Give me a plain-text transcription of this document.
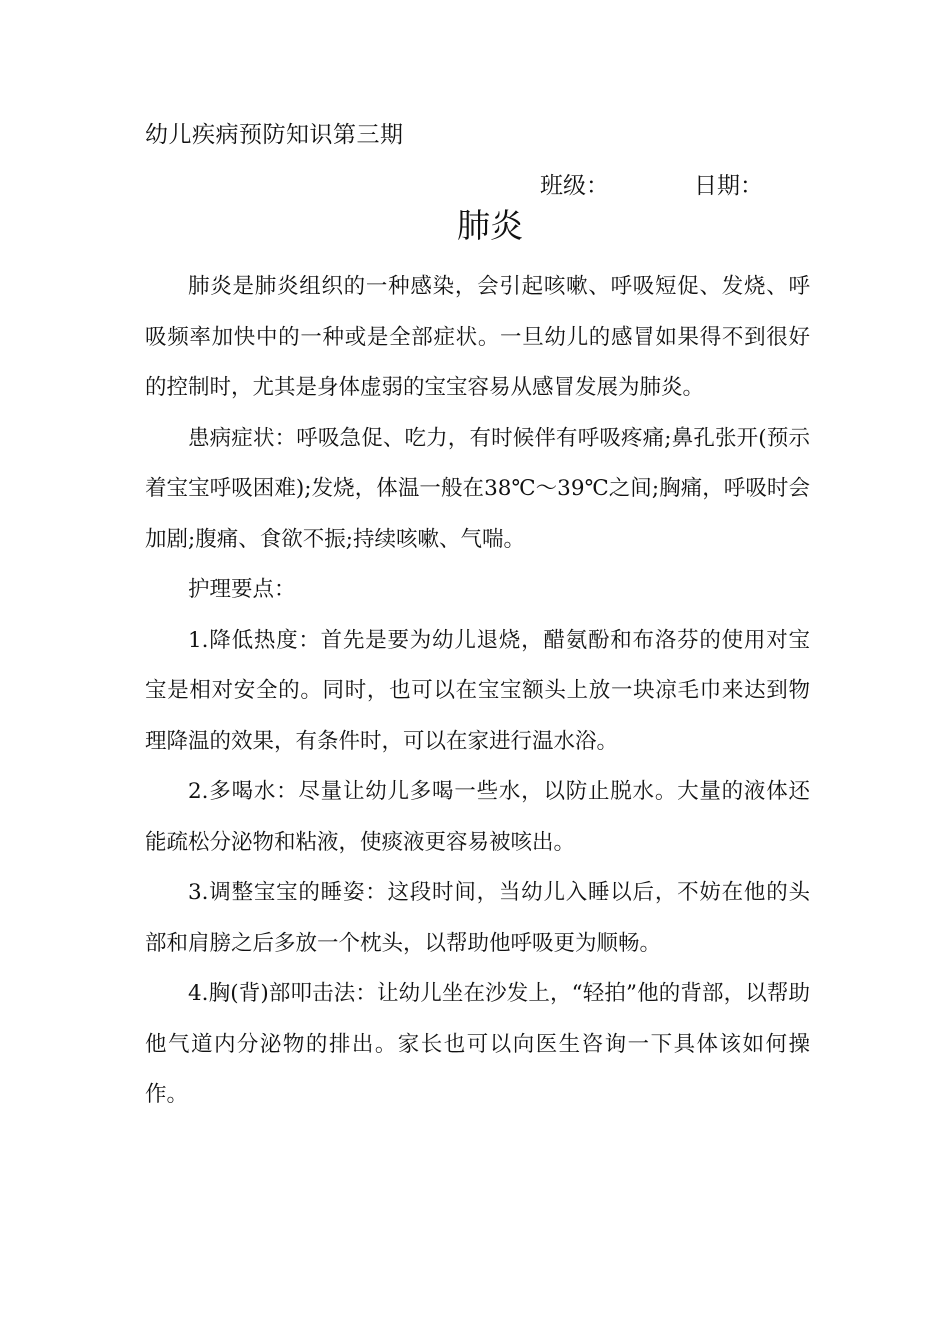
幼儿疾病预防知识第三期
班级：	日期：
肺炎

肺炎是肺炎组织的一种感染，会引起咳嗽、呼吸短促、发烧、呼吸频率加快中的一种或是全部症状。一旦幼儿的感冒如果得不到很好的控制时，尤其是身体虚弱的宝宝容易从感冒发展为肺炎。

患病症状：呼吸急促、吃力，有时候伴有呼吸疼痛;鼻孔张开(预示着宝宝呼吸困难);发烧，体温一般在38℃～39℃之间;胸痛，呼吸时会加剧;腹痛、食欲不振;持续咳嗽、气喘。

护理要点：

1.降低热度：首先是要为幼儿退烧，醋氨酚和布洛芬的使用对宝宝是相对安全的。同时，也可以在宝宝额头上放一块凉毛巾来达到物理降温的效果，有条件时，可以在家进行温水浴。

2.多喝水：尽量让幼儿多喝一些水，以防止脱水。大量的液体还能疏松分泌物和粘液，使痰液更容易被咳出。

3.调整宝宝的睡姿：这段时间，当幼儿入睡以后，不妨在他的头部和肩膀之后多放一个枕头，以帮助他呼吸更为顺畅。

4.胸(背)部叩击法：让幼儿坐在沙发上，“轻拍”他的背部，以帮助他气道内分泌物的排出。家长也可以向医生咨询一下具体该如何操作。
